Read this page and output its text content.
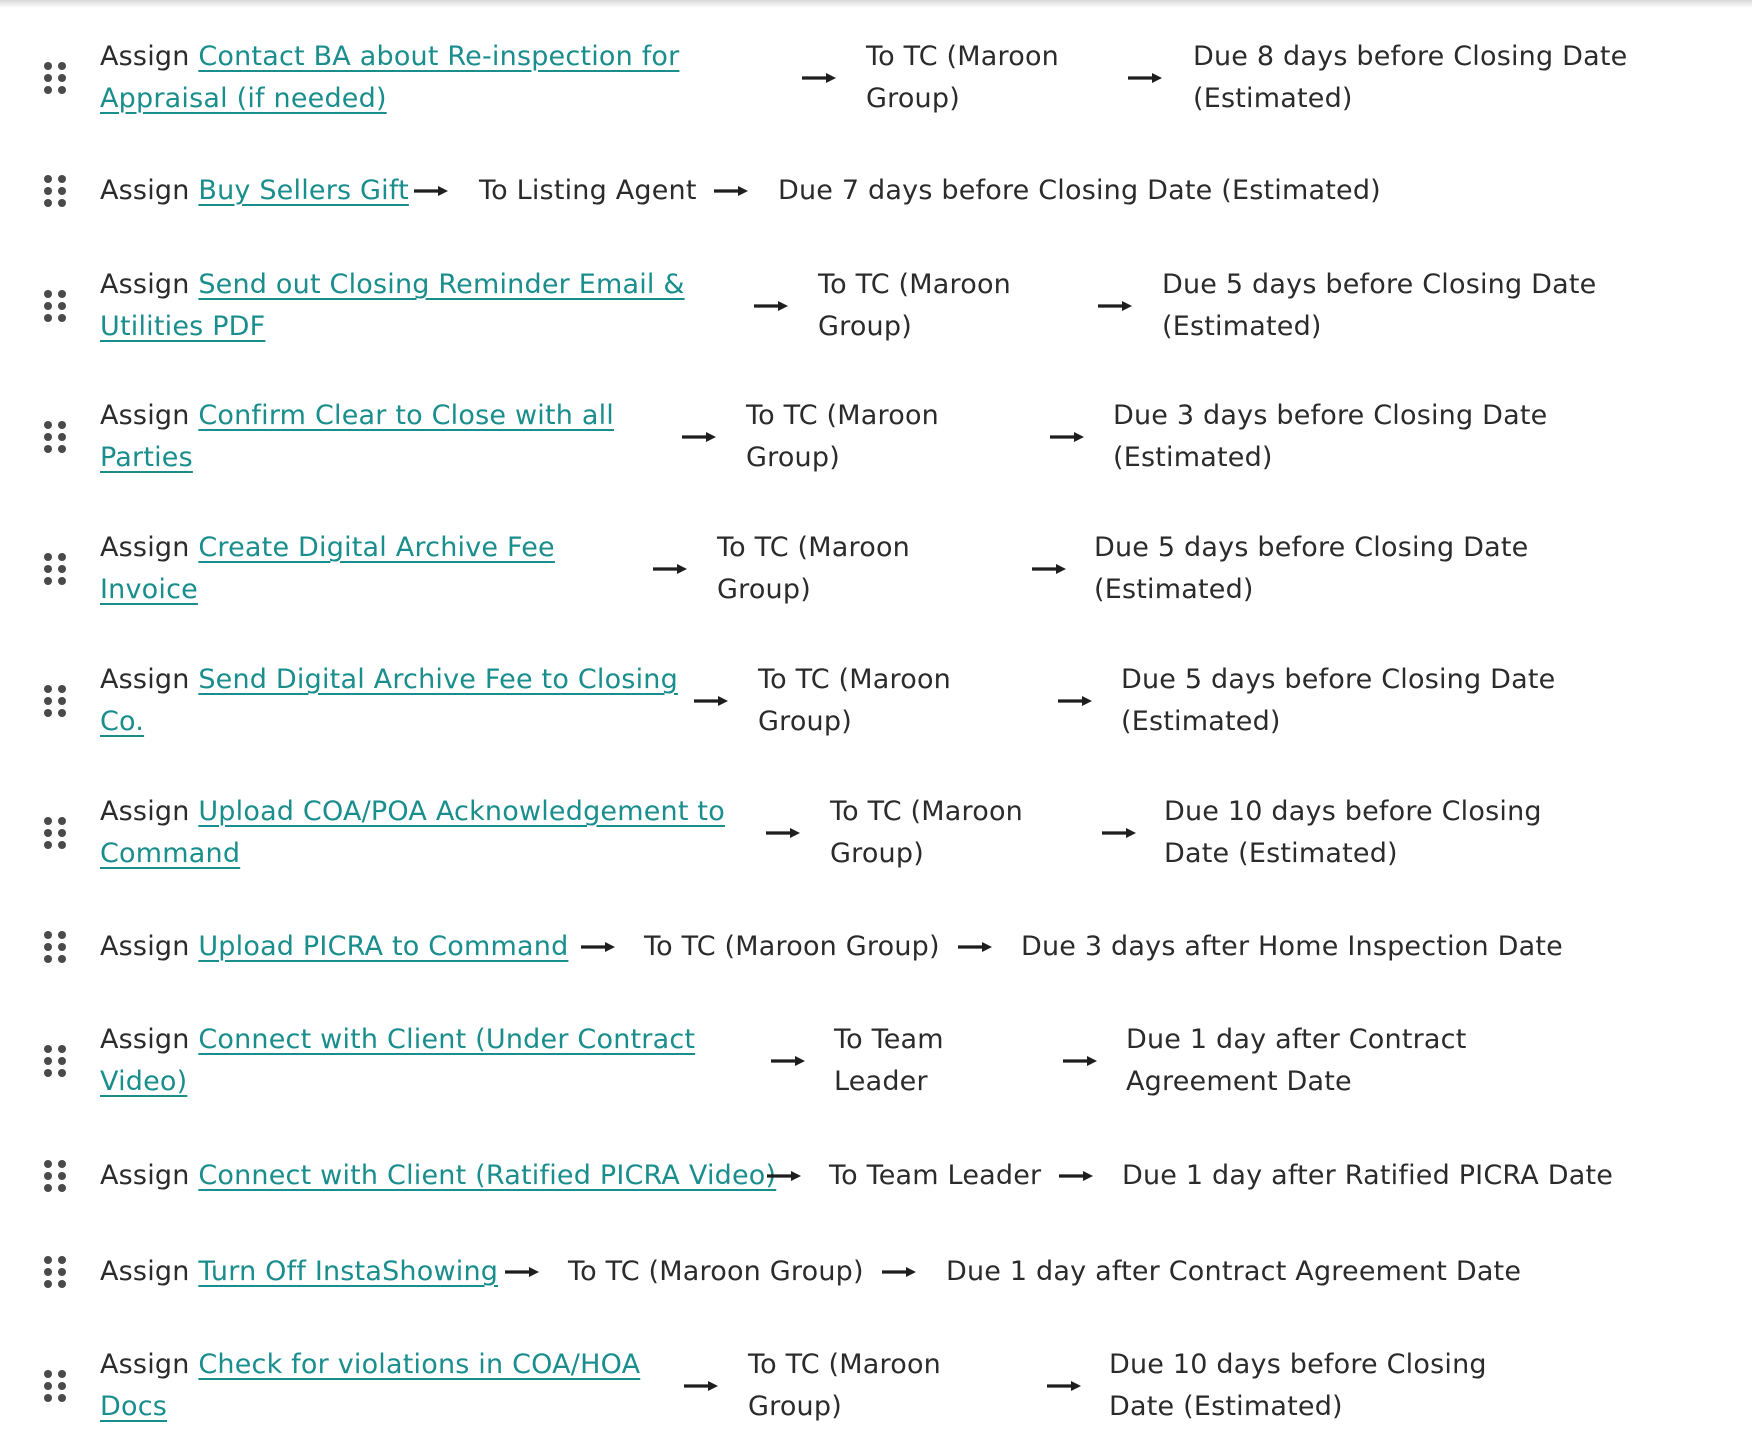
Assign Contact BA about Re-inspection for Appraisal (if needed)
To TC (Maroon Group)
Due 8 days before Closing Date (Estimated)
Assign Buy Sellers Gift	To Listing Agent	Due 7 days before Closing Date (Estimated)
Assign Send out Closing Reminder Email & Utilities PDF
To TC (Maroon Group)
Due 5 days before Closing Date (Estimated)
Assign Confirm Clear to Close with all Parties
To TC (Maroon Group)
Due 3 days before Closing Date (Estimated)
Assign Create Digital Archive Fee Invoice
To TC (Maroon Group)
Due 5 days before Closing Date (Estimated)
Assign Send Digital Archive Fee to Closing Co.
To TC (Maroon Group)
Due 5 days before Closing Date (Estimated)
Assign Upload COA/POA Acknowledgement to Command
To TC (Maroon Group)
Due 10 days before Closing Date (Estimated)
Assign Upload PICRA to Command	To TC (Maroon Group)	Due 3 days after Home Inspection Date
Assign Connect with Client (Under Contract Video)
To Team Leader
Due 1 day after Contract Agreement Date
Assign Connect with Client (Ratified PICRA Video) To Team Leader	Due 1 day after Ratified PICRA Date
Assign Turn Off InstaShowing	To TC (Maroon Group)	Due 1 day after Contract Agreement Date
Assign Check for violations in COA/HOA Docs
To TC (Maroon Group)
Due 10 days before Closing Date (Estimated)
